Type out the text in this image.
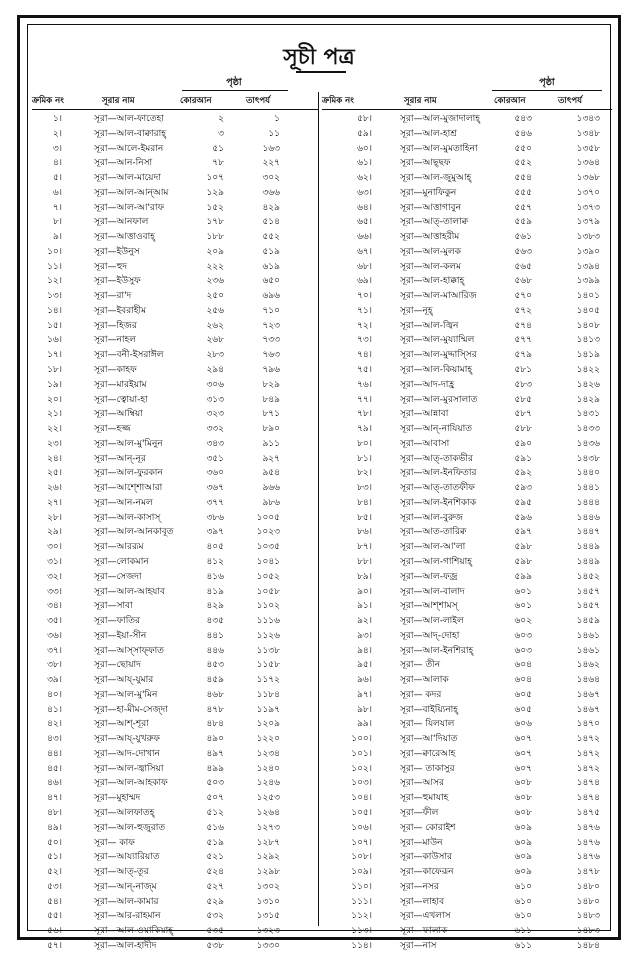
সূচী পত্র
পৃষ্ঠা
ক্রমিক নং	সূরার নাম	কোরআন	তাৎপর্য
১।	সূরা—আল-ফাতেহা	২	১
২।	সূরা—আল-বাক্বারাহ্	৩	১১
৩।	সূরা—আলে-ইমরান	৫১	১৬৩
৪।	সূরা—আন-নিসা	৭৮	২২৭
৫।	সূরা—আল-মায়েদা	১০৭	৩০২
৬।	সূরা—আল-আন্আম	১২৯	৩৬৬
৭।	সূরা—আল-আ'রাফ	১৫২	৪২৯
৮।	সূরা—আনফাল	১৭৮	৫১৪
৯।	সূরা—আত্তাওবাহ্	১৮৮	৫৫২
১০।	সূরা—ইউনুস	২০৯	৫১৯
১১।	সূরা—হুদ	২২২	৬১৯
১২।	সূরা—ইউসুফ	২৩৬	৬৫০
১৩।	সূরা—রা'দ	২৫০	৬৯৬
১৪।	সূরা—ইবরাহীম	২৫৬	৭১০
১৫।	সূরা—হিজর	২৬২	৭২৩
১৬।	সূরা—নাহল	২৬৮	৭৩৩
১৭।	সূরা—বনী-ইসরাঈল	২৮৩	৭৬৩
১৮।	সূরা—কাহফ	২৯৪	৭৯৬
১৯।	সূরা—মারইয়াম	৩০৬	৮২৯
২০।	সূরা—ত্বোয়া-হা	৩১৩	৮৪৯
২১।	সূরা—আম্বিয়া	৩২৩	৮৭১
২২।	সূরা—হজ্জ	৩৩২	৮৯০
২৩।	সূরা—আল-মু'মিনুন	৩৪৩	৯১১
২৪।	সূরা—আন্-নূর	৩৫১	৯২৭
২৫।	সূরা—আল-ফুরকান	৩৬০	৯৫৪
২৬।	সূরা—আশ্শোআরা	৩৬৭	৯৬৬
২৭।	সূরা—আন-নমল	৩৭৭	৯৮৬
২৮।	সূরা—আল-কাসাস্	৩৮৬	১০০৫
২৯।	সূরা—আল-আনকাবূত	৩৯৭	১০২৩
৩০।	সূরা—আররূম	৪০৫	১০৩৫
৩১।	সূরা—লোকমান	৪১২	১০৪১
৩২।	সূরা—সেজদা	৪১৬	১০৫২
৩৩।	সূরা—আল-আহযাব	৪১৯	১০৫৮
৩৪।	সূরা—সাবা	৪২৯	১১০২
৩৫।	সূরা—ফাতির	৪৩৫	১১১৬
৩৬।	সূরা—ইয়া-সীন	৪৪১	১১২৬
৩৭।	সূরা—আস্সাফ্ফাত	৪৪৬	১১৩৮
৩৮।	সূরা—ছোয়াদ	৪৫৩	১১৫৮
৩৯।	সূরা—আয্-যুমার	৪৫৯	১১৭২
৪০।	সূরা—আল-মু'মিন	৪৬৮	১১৮৪
৪১।	সূরা—হা-মীম-সেজ্দা	৪৭৮	১১৯৭
৪২।	সূরা—আশ্-শূরা	৪৮৪	১২০৯
৪৩।	সূরা—আয্-যুখরুফ	৪৯০	১২২০
৪৪।	সূরা—আদ-দোখান	৪৯৭	১২৩৪
৪৫।	সূরা—আল-জ্বাসিয়া	৪৯৯	১২৪০
৪৬।	সূরা—আল-আহকাফ	৫০৩	১২৪৬
৪৭।	সূরা—মুহাম্মদ	৫০৭	১২৫৩
৪৮।	সূরা—আলফাতহ্	৫১২	১২৬৪
৪৯।	সূরা—আল-হুজুরাত	৫১৬	১২৭৩
৫০।	সূরা— কাফ	৫১৯	১২৮৭
৫১।	সূরা—আয্যারিয়াত	৫২১	১২৯২
৫২।	সূরা—আত্-তূর	৫২৪	১২৯৮
৫৩।	সূরা—আন্-নাজ্ম	৫২৭	১৩০২
৫৪।	সূরা—আল-কামার	৫২৯	১৩১০
৫৫।	সূরা—আর-রাহমান	৫৩২	১৩১৫
৫৬।	সূরা—আল-ওয়াকিয়াহ্	৫৩৫	১৩২৩
৫৭।	সূরা—আল-হাদীদ	৫৩৮	১৩৩০
পৃষ্ঠা
ক্রমিক নং	সূরার নাম	কোরআন	তাৎপর্য
৫৮।	সূরা—আল-মুজাদালাহ্	৫৪৩	১৩৪৩
৫৯।	সূরা—আল-হাশ্র	৫৪৬	১৩৪৮
৬০।	সূরা—আল-মুমতাহিনা	৫৫০	১৩৫৮
৬১।	সূরা—আছ্ছফ	৫৫২	১৩৬৪
৬২।	সূরা—আল-জুমুআহ্	৫৫৪	১৩৬৮
৬৩।	সূরা—মুনাফিকুন	৫৫৫	১৩৭০
৬৪।	সূরা—আত্তাগাবুন	৫৫৭	১৩৭৩
৬৫।	সূরা—আত্-তালাক্ব	৫৫৯	১৩৭৯
৬৬।	সূরা—আত্তাহরীম	৫৬১	১৩৮৩
৬৭।	সূরা—আল-মুলক	৫৬৩	১৩৯০
৬৮।	সূরা—আল-কলম	৫৬৫	১৩৯৪
৬৯।	সূরা—আল-হাক্কাহ্	৫৬৮	১৩৯৯
৭০।	সূরা—আল-মাআরিজ	৫৭০	১৪০১
৭১।	সূরা—নূহ্	৫৭২	১৪০৫
৭২।	সূরা—আল-জ্বিন	৫৭৪	১৪০৮
৭৩।	সূরা—আল-মুয্যাম্মিল	৫৭৭	১৪১৩
৭৪।	সূরা—আল-মুদ্দাস্সির	৫৭৯	১৪১৯
৭৫।	সূরা—আল-কিয়ামাহ্	৫৮১	১৪২২
৭৬।	সূরা—আদ-দাহ্র	৫৮৩	১৪২৬
৭৭।	সূরা—আল-মুরসালাত	৫৮৫	১৪২৯
৭৮।	সূরা—আন্নাবা	৫৮৭	১৪৩১
৭৯।	সূরা—আন্-নাযিয়াত	৫৮৮	১৪৩৩
৮০।	সূরা—আবাসা	৫৯০	১৪৩৬
৮১।	সূরা—আত্-তাকভীর	৫৯১	১৪৩৮
৮২।	সূরা—আল-ইনফিতার	৫৯২	১৪৪০
৮৩।	সূরা—আত্-তাতফীফ	৫৯৩	১৪৪১
৮৪।	সূরা—আল-ইনশিকাক	৫৯৫	১৪৪৪
৮৫।	সূরা—আল-বুরুজ	৫৯৬	১৪৪৬
৮৬।	সূরা—আত-তারিক্ব	৫৯৭	১৪৪৭
৮৭।	সূরা—আল-আ'লা	৫৯৮	১৪৪৯
৮৮।	সূরা—আল-গাশিয়াহ্	৫৯৮	১৪৪৯
৮৯।	সূরা—আল-ফজ্র	৫৯৯	১৪৫২
৯০।	সূরা—আল-বালাদ	৬০১	১৪৫৭
৯১।	সূরা—আশ্শামস্	৬০১	১৪৫৭
৯২।	সূরা—আল-লাইল	৬০২	১৪৫৯
৯৩।	সূরা—আদ্-দোহা	৬০৩	১৪৬১
৯৪।	সূরা—আল-ইনশিরাহ্	৬০৩	১৪৬১
৯৫।	সূরা— তীন	৬০৪	১৪৬২
৯৬।	সূরা—আলাক	৬০৪	১৪৬৪
৯৭।	সূরা— কদর	৬০৫	১৪৬৭
৯৮।	সূরা—বাইয়্যিনাহ্	৬০৫	১৪৬৭
৯৯।	সূরা— যিলযাল	৬০৬	১৪৭০
১০০।	সূরা—আ'দিয়াত	৬০৭	১৪৭২
১০১।	সূরা—ক্বারেআহ	৬০৭	১৪৭২
১০২।	সূরা— তাকাসুর	৬০৭	১৪৭২
১০৩।	সূরা—আসর	৬০৮	১৪৭৪
১০৪।	সূরা—হুমাযাহ	৬০৮	১৪৭৪
১০৫।	সূরা—ফীল	৬০৮	১৪৭৫
১০৬।	সূরা— কোরাইশ	৬০৯	১৪৭৬
১০৭।	সূরা—মাউন	৬০৯	১৪৭৬
১০৮।	সূরা—কাউসার	৬০৯	১৪৭৬
১০৯।	সূরা—কাফেরূন	৬০৯	১৪৭৮
১১০।	সূরা—নসর	৬১০	১৪৮০
১১১।	সূরা—লাহাব	৬১০	১৪৮০
১১২।	সূরা—এখলাস	৬১০	১৪৮৩
১১৩।	সূরা—ফালাক	৬১১	১৪৮৩
১১৪।	সূরা—নাস	৬১১	১৪৮৪
